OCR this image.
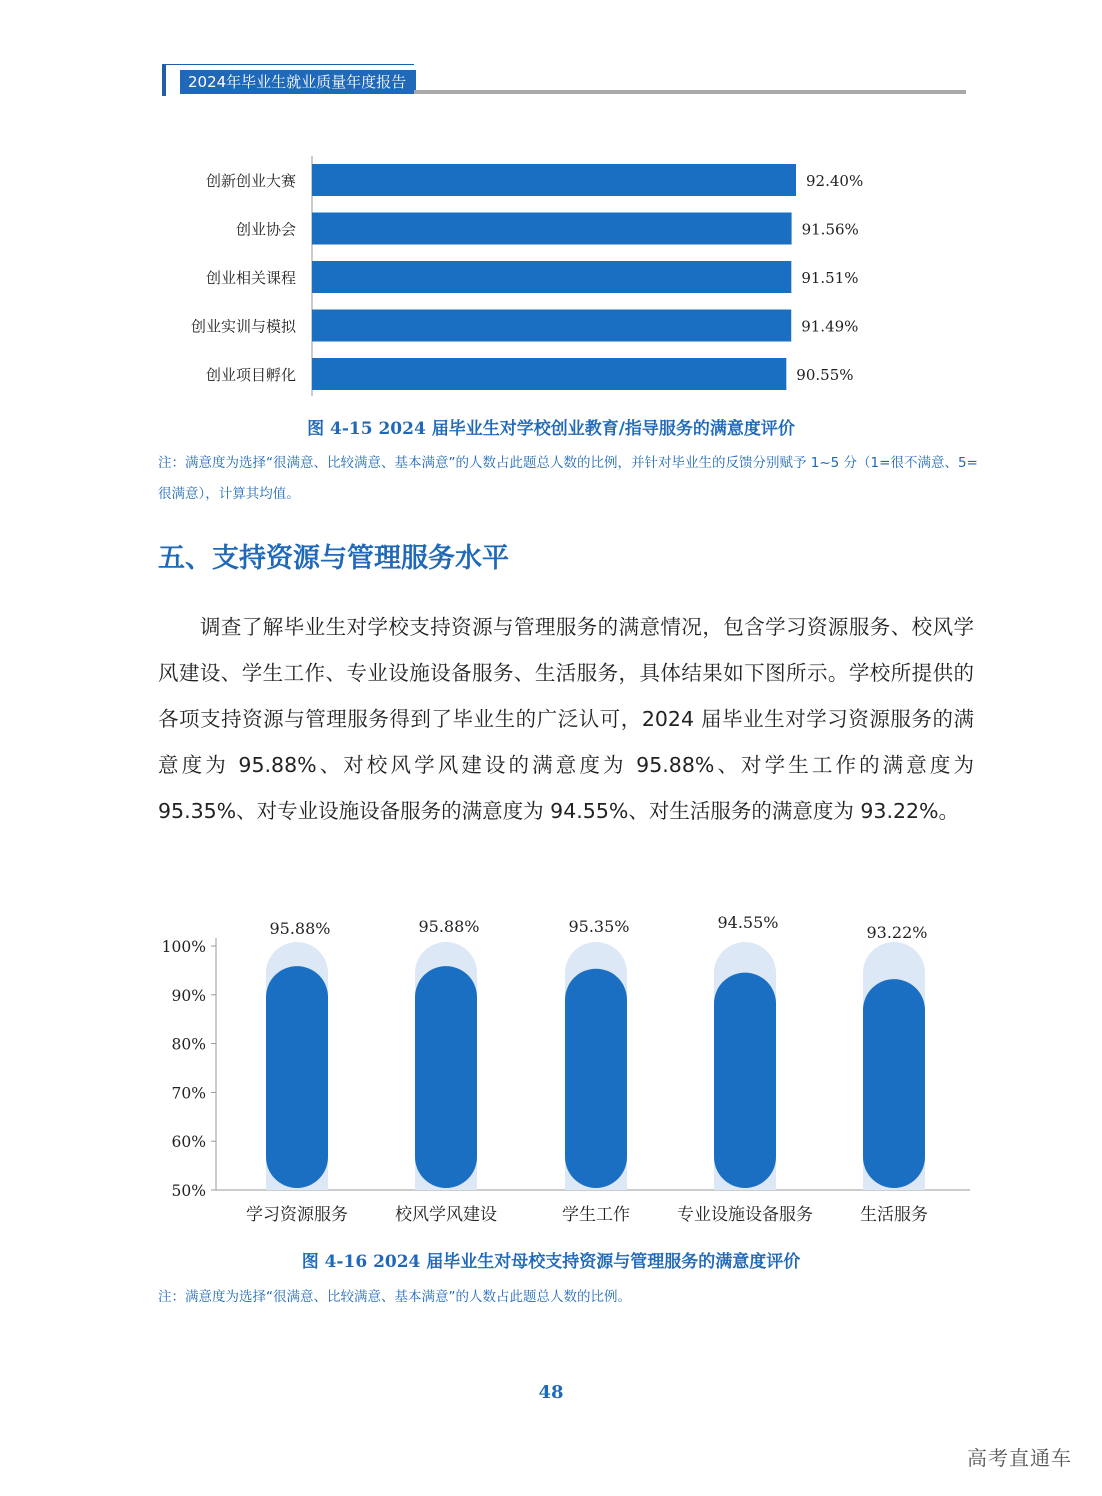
2024年毕业生就业质量年度报告
创新创业大赛	92.40%
创业协会	91.56%
创业相关课程	91.51%
创业实训与模拟	91.49%
创业项目孵化	90.55%
图 4-15 2024 届毕业生对学校创业教育/指导服务的满意度评价
注：满意度为选择“很满意、比较满意、基本满意”的人数占此题总人数的比例，并针对毕业生的反馈分别赋予 1~5 分（1=很不满意、5=很满意），计算其均值。
五、支持资源与管理服务水平

调查了解毕业生对学校支持资源与管理服务的满意情况，包含学习资源服务、校风学风建设、学生工作、专业设施设备服务、生活服务，具体结果如下图所示。学校所提供的各项支持资源与管理服务得到了毕业生的广泛认可，2024 届毕业生对学习资源服务的满意度为 95.88%、对校风学风建设的满意度为 95.88%、对学生工作的满意度为 95.35%、对专业设施设备服务的满意度为 94.55%、对生活服务的满意度为 93.22%。

50%
60%
70%
80%
90%
100%
95.88%
学习资源服务
95.88%
校风学风建设
95.35%
学生工作
94.55%
专业设施设备服务
93.22%
生活服务
图 4-16 2024 届毕业生对母校支持资源与管理服务的满意度评价
注：满意度为选择“很满意、比较满意、基本满意”的人数占此题总人数的比例。
48
高考直通车
